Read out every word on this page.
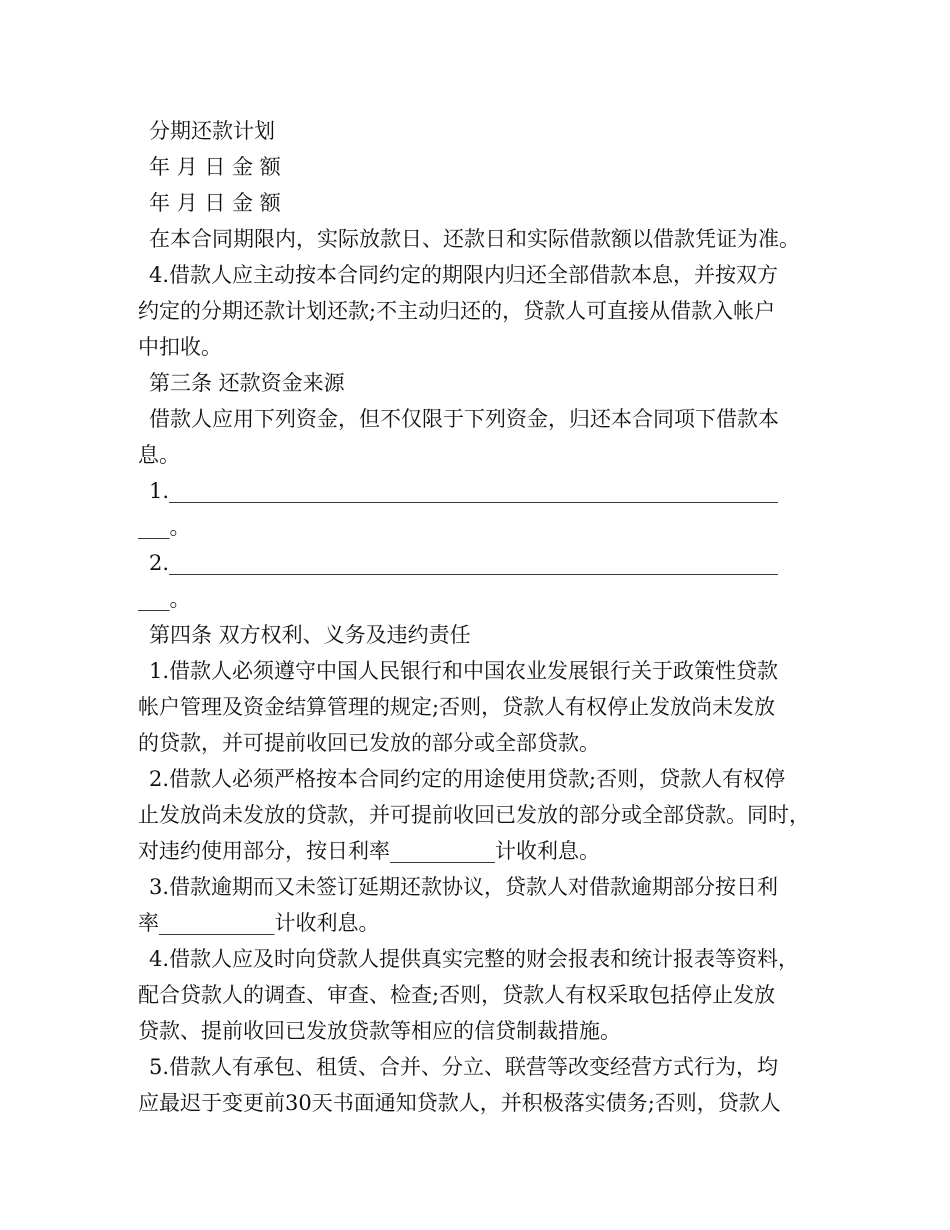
分期还款计划
年 月 日 金 额
年 月 日 金 额
在本合同期限内，实际放款日、还款日和实际借款额以借款凭证为准。
4.借款人应主动按本合同约定的期限内归还全部借款本息，并按双方
约定的分期还款计划还款;不主动归还的，贷款人可直接从借款入帐户
中扣收。
第三条 还款资金来源
借款人应用下列资金，但不仅限于下列资金，归还本合同项下借款本
息。
1.__________________________________________________________
___。
2.__________________________________________________________
___。
第四条 双方权利、义务及违约责任
1.借款人必须遵守中国人民银行和中国农业发展银行关于政策性贷款
帐户管理及资金结算管理的规定;否则，贷款人有权停止发放尚未发放
的贷款，并可提前收回已发放的部分或全部贷款。
2.借款人必须严格按本合同约定的用途使用贷款;否则，贷款人有权停
止发放尚未发放的贷款，并可提前收回已发放的部分或全部贷款。同时，
对违约使用部分，按日利率__________计收利息。
3.借款逾期而又未签订延期还款协议，贷款人对借款逾期部分按日利
率___________计收利息。
4.借款人应及时向贷款人提供真实完整的财会报表和统计报表等资料，
配合贷款人的调查、审查、检查;否则，贷款人有权采取包括停止发放
贷款、提前收回已发放贷款等相应的信贷制裁措施。
5.借款人有承包、租赁、合并、分立、联营等改变经营方式行为，均
应最迟于变更前30天书面通知贷款人，并积极落实债务;否则，贷款人
